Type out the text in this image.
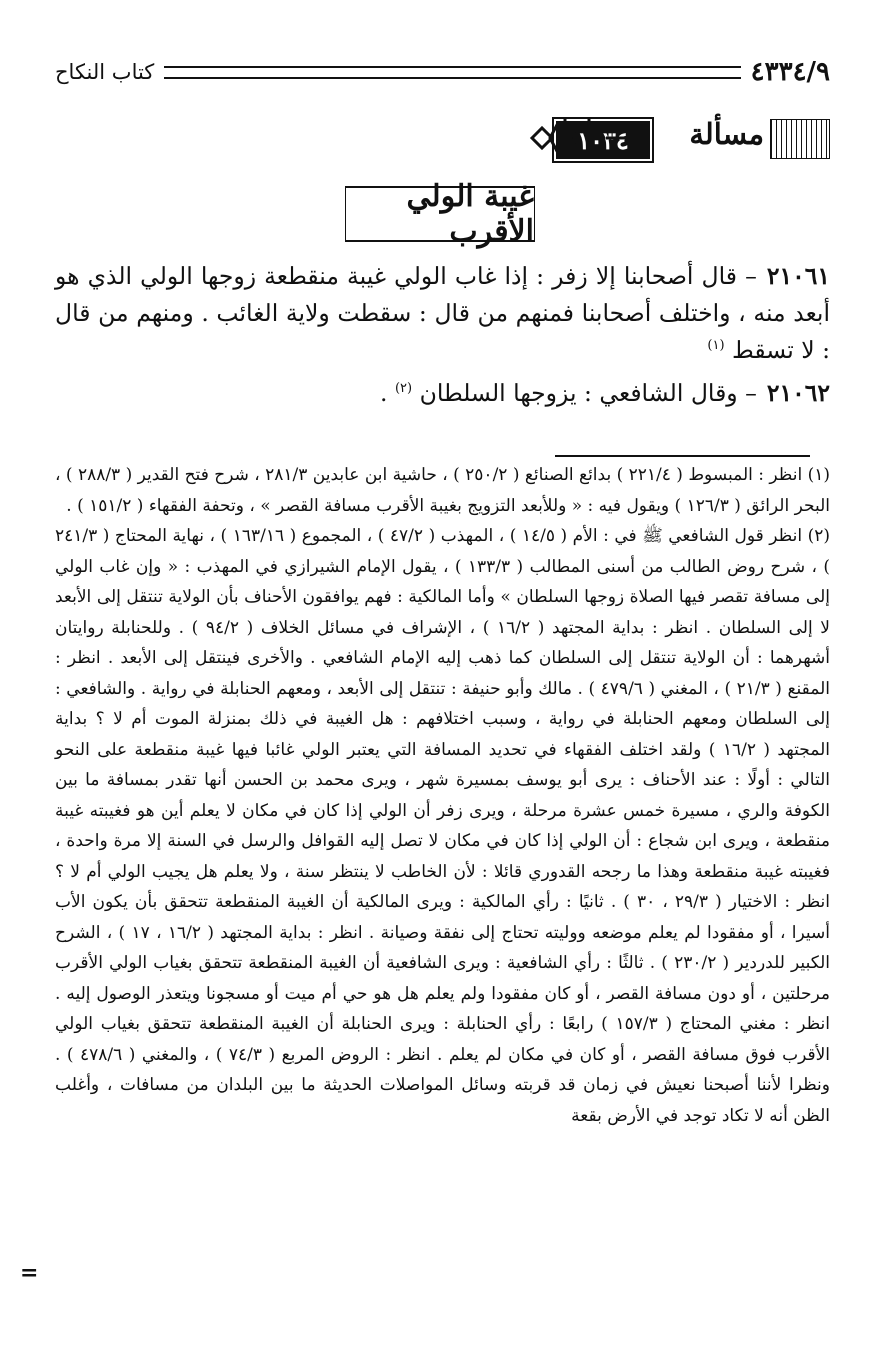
كتاب النكاح	٤٣٣٤/٩
مسألة
١٠٣٤
غيبة الولي الأقرب

٢١٠٦١– قال أصحابنا إلا زفر : إذا غاب الولي غيبة منقطعة زوجها الولي الذي هو أبعد منه ، واختلف أصحابنا فمنهم من قال : سقطت ولاية الغائب . ومنهم من قال : لا تسقط $^{(١)}$

٢١٠٦٢– وقال الشافعي : يزوجها السلطان $^{(٢)}$ .

(١) انظر : المبسوط ( ٢٢١/٤ ) بدائع الصنائع ( ٢٥٠/٢ ) ، حاشية ابن عابدين ٢٨١/٣ ، شرح فتح القدير ( ٢٨٨/٣ ) ، البحر الرائق ( ١٢٦/٣ ) ويقول فيه : « وللأبعد التزويج بغيبة الأقرب مسافة القصر » ، وتحفة الفقهاء ( ١٥١/٢ ) .

(٢) انظر قول الشافعي ﷺ في : الأم ( ١٤/٥ ) ، المهذب ( ٤٧/٢ ) ، المجموع ( ١٦٣/١٦ ) ، نهاية المحتاج ( ٢٤١/٣ ) ، شرح روض الطالب من أسنى المطالب ( ١٣٣/٣ ) ، يقول الإمام الشيرازي في المهذب : « وإن غاب الولي إلى مسافة تقصر فيها الصلاة زوجها السلطان » وأما المالكية : فهم يوافقون الأحناف بأن الولاية تنتقل إلى الأبعد لا إلى السلطان . انظر : بداية المجتهد ( ١٦/٢ ) ، الإشراف في مسائل الخلاف ( ٩٤/٢ ) . وللحنابلة روايتان أشهرهما : أن الولاية تنتقل إلى السلطان كما ذهب إليه الإمام الشافعي . والأخرى فينتقل إلى الأبعد . انظر : المقنع ( ٢١/٣ ) ، المغني ( ٤٧٩/٦ ) . مالك وأبو حنيفة : تنتقل إلى الأبعد ، ومعهم الحنابلة في رواية . والشافعي : إلى السلطان ومعهم الحنابلة في رواية ، وسبب اختلافهم : هل الغيبة في ذلك بمنزلة الموت أم لا ؟ بداية المجتهد ( ١٦/٢ ) ولقد اختلف الفقهاء في تحديد المسافة التي يعتبر الولي غائبا فيها غيبة منقطعة على النحو التالي : أولًا : عند الأحناف : يرى أبو يوسف بمسيرة شهر ، ويرى محمد بن الحسن أنها تقدر بمسافة ما بين الكوفة والري ، مسيرة خمس عشرة مرحلة ، ويرى زفر أن الولي إذا كان في مكان لا يعلم أين هو فغيبته غيبة منقطعة ، ويرى ابن شجاع : أن الولي إذا كان في مكان لا تصل إليه القوافل والرسل في السنة إلا مرة واحدة ، فغيبته غيبة منقطعة وهذا ما رجحه القدوري قائلا : لأن الخاطب لا ينتظر سنة ، ولا يعلم هل يجيب الولي أم لا ؟ انظر : الاختيار ( ٢٩/٣ ، ٣٠ ) . ثانيًا : رأي المالكية : ويرى المالكية أن الغيبة المنقطعة تتحقق بأن يكون الأب أسيرا ، أو مفقودا لم يعلم موضعه ووليته تحتاج إلى نفقة وصيانة . انظر : بداية المجتهد ( ١٦/٢ ، ١٧ ) ، الشرح الكبير للدردير ( ٢٣٠/٢ ) . ثالثًا : رأي الشافعية : ويرى الشافعية أن الغيبة المنقطعة تتحقق بغياب الولي الأقرب مرحلتين ، أو دون مسافة القصر ، أو كان مفقودا ولم يعلم هل هو حي أم ميت أو مسجونا ويتعذر الوصول إليه . انظر : مغني المحتاج ( ١٥٧/٣ ) رابعًا : رأي الحنابلة : ويرى الحنابلة أن الغيبة المنقطعة تتحقق بغياب الولي الأقرب فوق مسافة القصر ، أو كان في مكان لم يعلم . انظر : الروض المربع ( ٧٤/٣ ) ، والمغني ( ٤٧٨/٦ ) . ونظرا لأننا أصبحنا نعيش في زمان قد قربته وسائل المواصلات الحديثة ما بين البلدان من مسافات ، وأغلب الظن أنه لا تكاد توجد في الأرض بقعة

=
